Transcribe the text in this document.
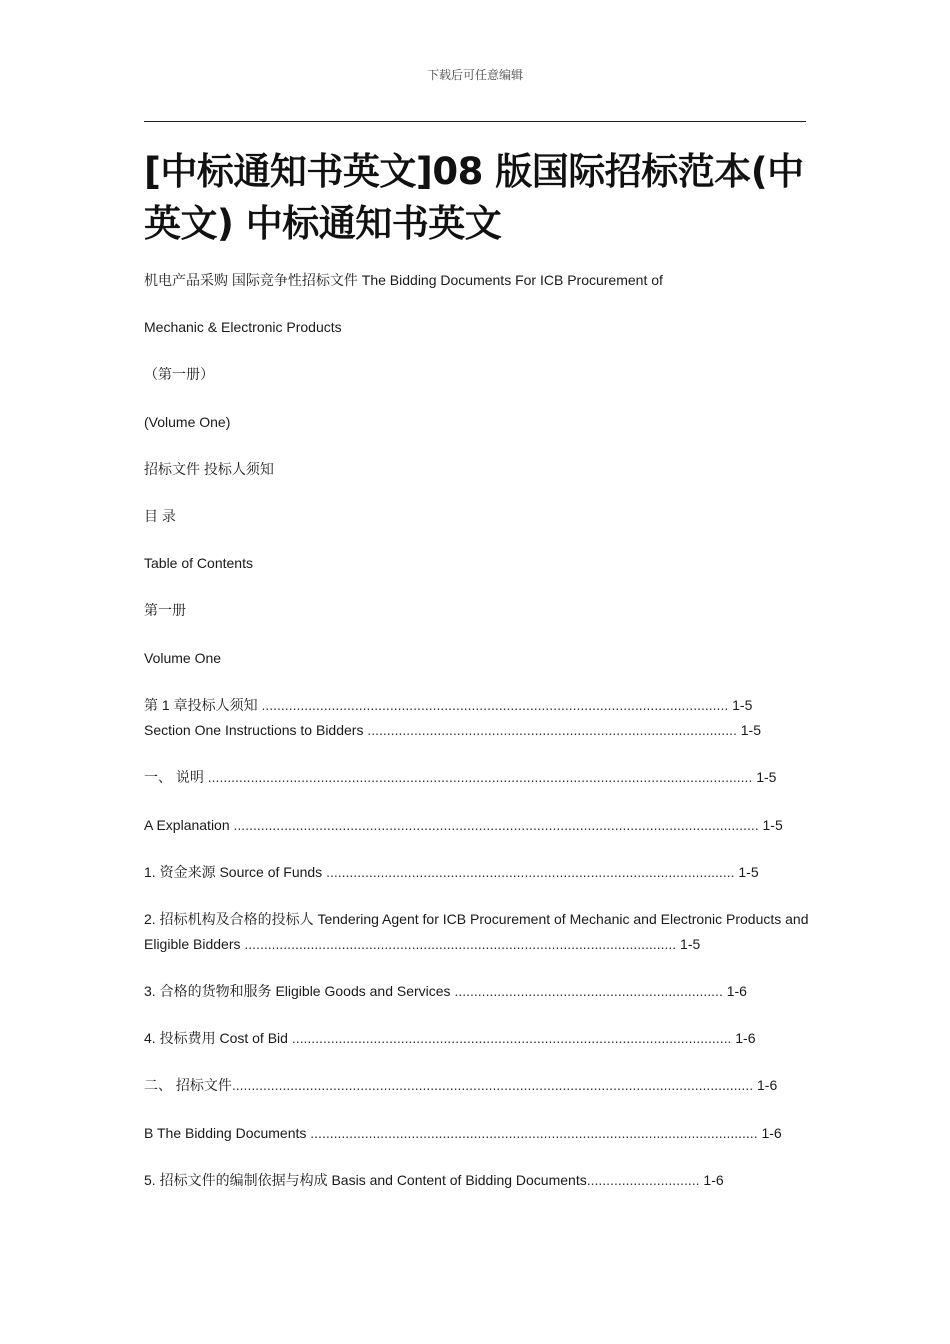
下载后可任意编辑
[中标通知书英文]08 版国际招标范本(中英文) 中标通知书英文
机电产品采购 国际竞争性招标文件 The Bidding Documents For ICB Procurement of
Mechanic & Electronic Products
（第一册）
(Volume One)
招标文件 投标人须知
目 录
Table of Contents
第一册
Volume One
第 1 章投标人须知 ........................................................................................................................ 1-5
Section One Instructions to Bidders ............................................................................................... 1-5
一、 说明 ............................................................................................................................................ 1-5
A Explanation ....................................................................................................................................... 1-5
1. 资金来源 Source of Funds ......................................................................................................... 1-5
2. 招标机构及合格的投标人 Tendering Agent for ICB Procurement of Mechanic and Electronic Products and Eligible Bidders ............................................................................................................... 1-5
3. 合格的货物和服务 Eligible Goods and Services ..................................................................... 1-6
4. 投标费用 Cost of Bid ................................................................................................................. 1-6
二、 招标文件...................................................................................................................................... 1-6
B The Bidding Documents ................................................................................................................... 1-6
5. 招标文件的编制依据与构成 Basis and Content of Bidding Documents............................. 1-6
